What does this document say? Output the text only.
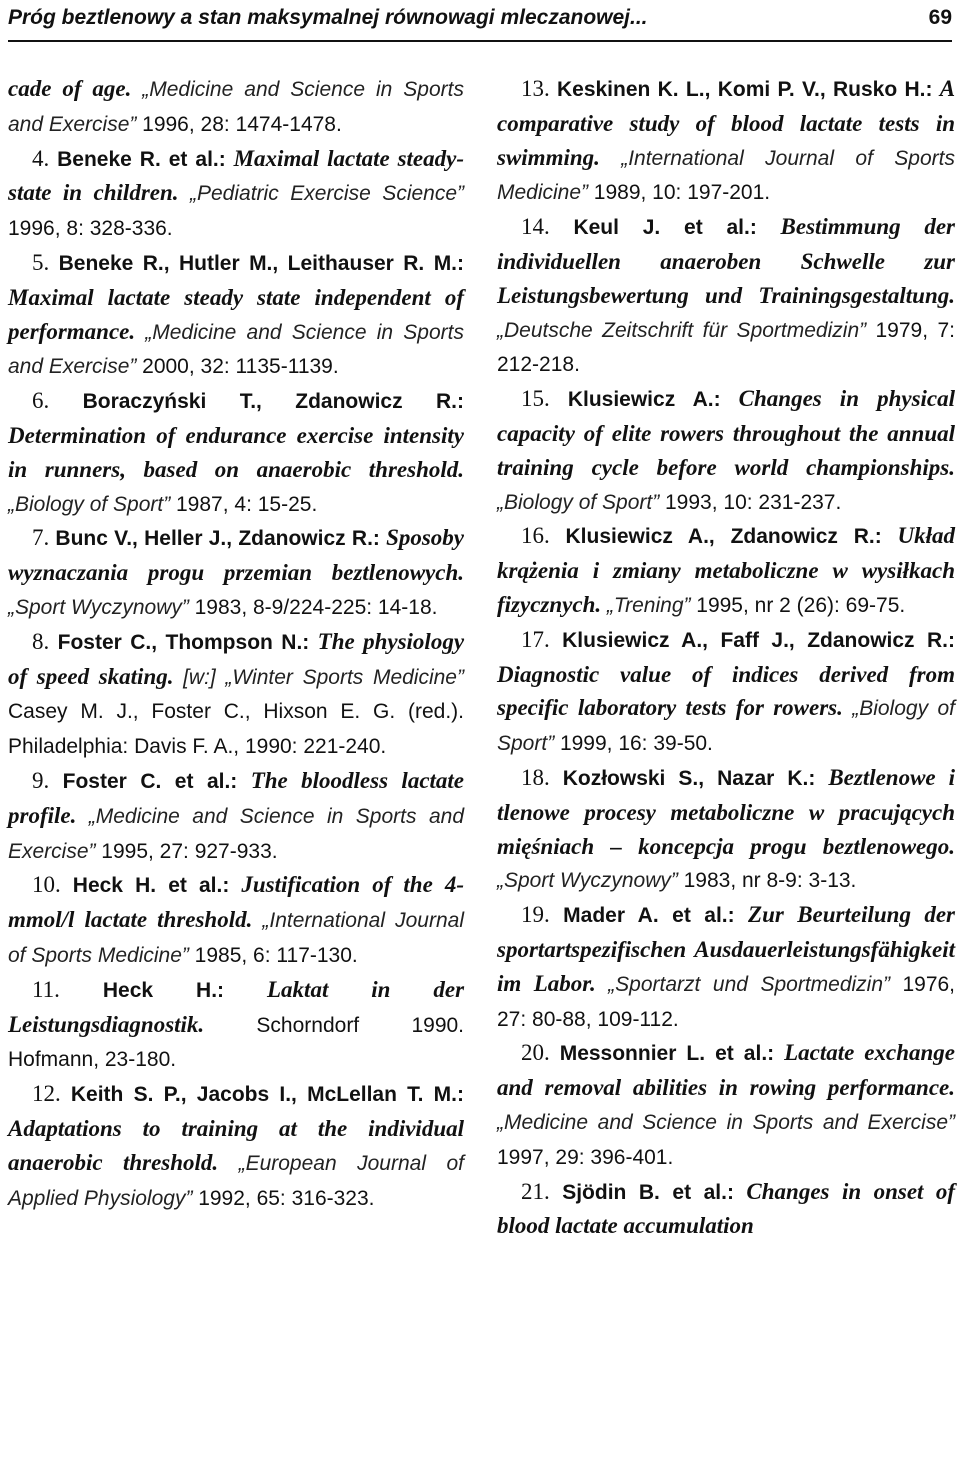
Próg beztlenowy a stan maksymalnej równowagi mleczanowej...	69

cade of age. „Medicine and Science in Sports and Exercise” 1996, 28: 1474-1478.

4. Beneke R. et al.: Maximal lactate steady-state in children. „Pediatric Exercise Science” 1996, 8: 328-336.

5. Beneke R., Hutler M., Leithauser R. M.: Maximal lactate steady state independent of performance. „Medicine and Science in Sports and Exercise” 2000, 32: 1135-1139.

6. Boraczyński T., Zdanowicz R.: Determination of endurance exercise intensity in runners, based on anaerobic threshold. „Biology of Sport” 1987, 4: 15-25.

7. Bunc V., Heller J., Zdanowicz R.: Sposoby wyznaczania progu przemian beztlenowych. „Sport Wyczynowy” 1983, 8-9/224-225: 14-18.

8. Foster C., Thompson N.: The physiology of speed skating. [w:] „Winter Sports Medicine” Casey M. J., Foster C., Hixson E. G. (red.). Philadelphia: Davis F. A., 1990: 221-240.

9. Foster C. et al.: The bloodless lactate profile. „Medicine and Science in Sports and Exercise” 1995, 27: 927-933.

10. Heck H. et al.: Justification of the 4-mmol/l lactate threshold. „International Journal of Sports Medicine” 1985, 6: 117-130.

11. Heck H.: Laktat in der Leistungsdiagnostik. Schorndorf 1990. Hofmann, 23-180.

12. Keith S. P., Jacobs I., McLellan T. M.: Adaptations to training at the individual anaerobic threshold. „European Journal of Applied Physiology” 1992, 65: 316-323.

13. Keskinen K. L., Komi P. V., Rusko H.: A comparative study of blood lactate tests in swimming. „International Journal of Sports Medicine” 1989, 10: 197-201.

14. Keul J. et al.: Bestimmung der individuellen anaeroben Schwelle zur Leistungsbewertung und Trainingsgestaltung. „Deutsche Zeitschrift für Sportmedizin” 1979, 7: 212-218.

15. Klusiewicz A.: Changes in physical capacity of elite rowers throughout the annual training cycle before world championships. „Biology of Sport” 1993, 10: 231-237.

16. Klusiewicz A., Zdanowicz R.: Układ krążenia i zmiany metaboliczne w wysiłkach fizycznych. „Trening” 1995, nr 2 (26): 69-75.

17. Klusiewicz A., Faff J., Zdanowicz R.: Diagnostic value of indices derived from specific laboratory tests for rowers. „Biology of Sport” 1999, 16: 39-50.

18. Kozłowski S., Nazar K.: Beztlenowe i tlenowe procesy metaboliczne w pracujących mięśniach – koncepcja progu beztlenowego. „Sport Wyczynowy” 1983, nr 8-9: 3-13.

19. Mader A. et al.: Zur Beurteilung der sportartspezifischen Ausdauerleistungsfähigkeit im Labor. „Sportarzt und Sportmedizin” 1976, 27: 80-88, 109-112.

20. Messonnier L. et al.: Lactate exchange and removal abilities in rowing performance. „Medicine and Science in Sports and Exercise” 1997, 29: 396-401.

21. Sjödin B. et al.: Changes in onset of blood lactate accumulation
